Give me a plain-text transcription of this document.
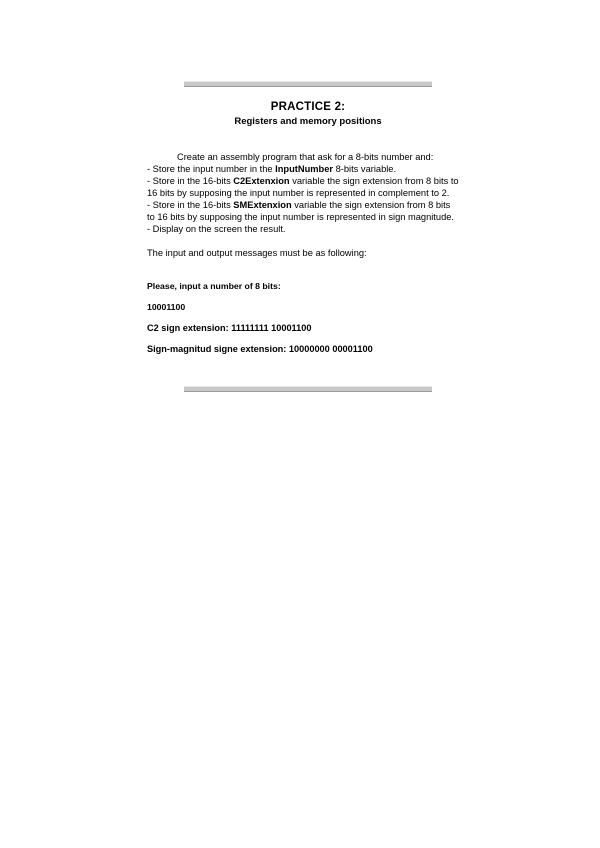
PRACTICE 2:
Registers and memory positions
Create an assembly program that ask for a 8-bits number and:
- Store the input number in the InputNumber 8-bits variable.
- Store in the 16-bits C2Extenxion variable the sign extension from 8 bits to
16 bits by supposing the input number is represented in complement to 2.
- Store in the 16-bits SMExtenxion variable the sign extension from 8 bits
to 16 bits by supposing the input number is represented in sign magnitude.
- Display on the screen the result.
The input and output messages must be as following:
Please, input a number of 8 bits:
10001100
C2 sign extension: 11111111 10001100
Sign-magnitud signe extension: 10000000 00001100
